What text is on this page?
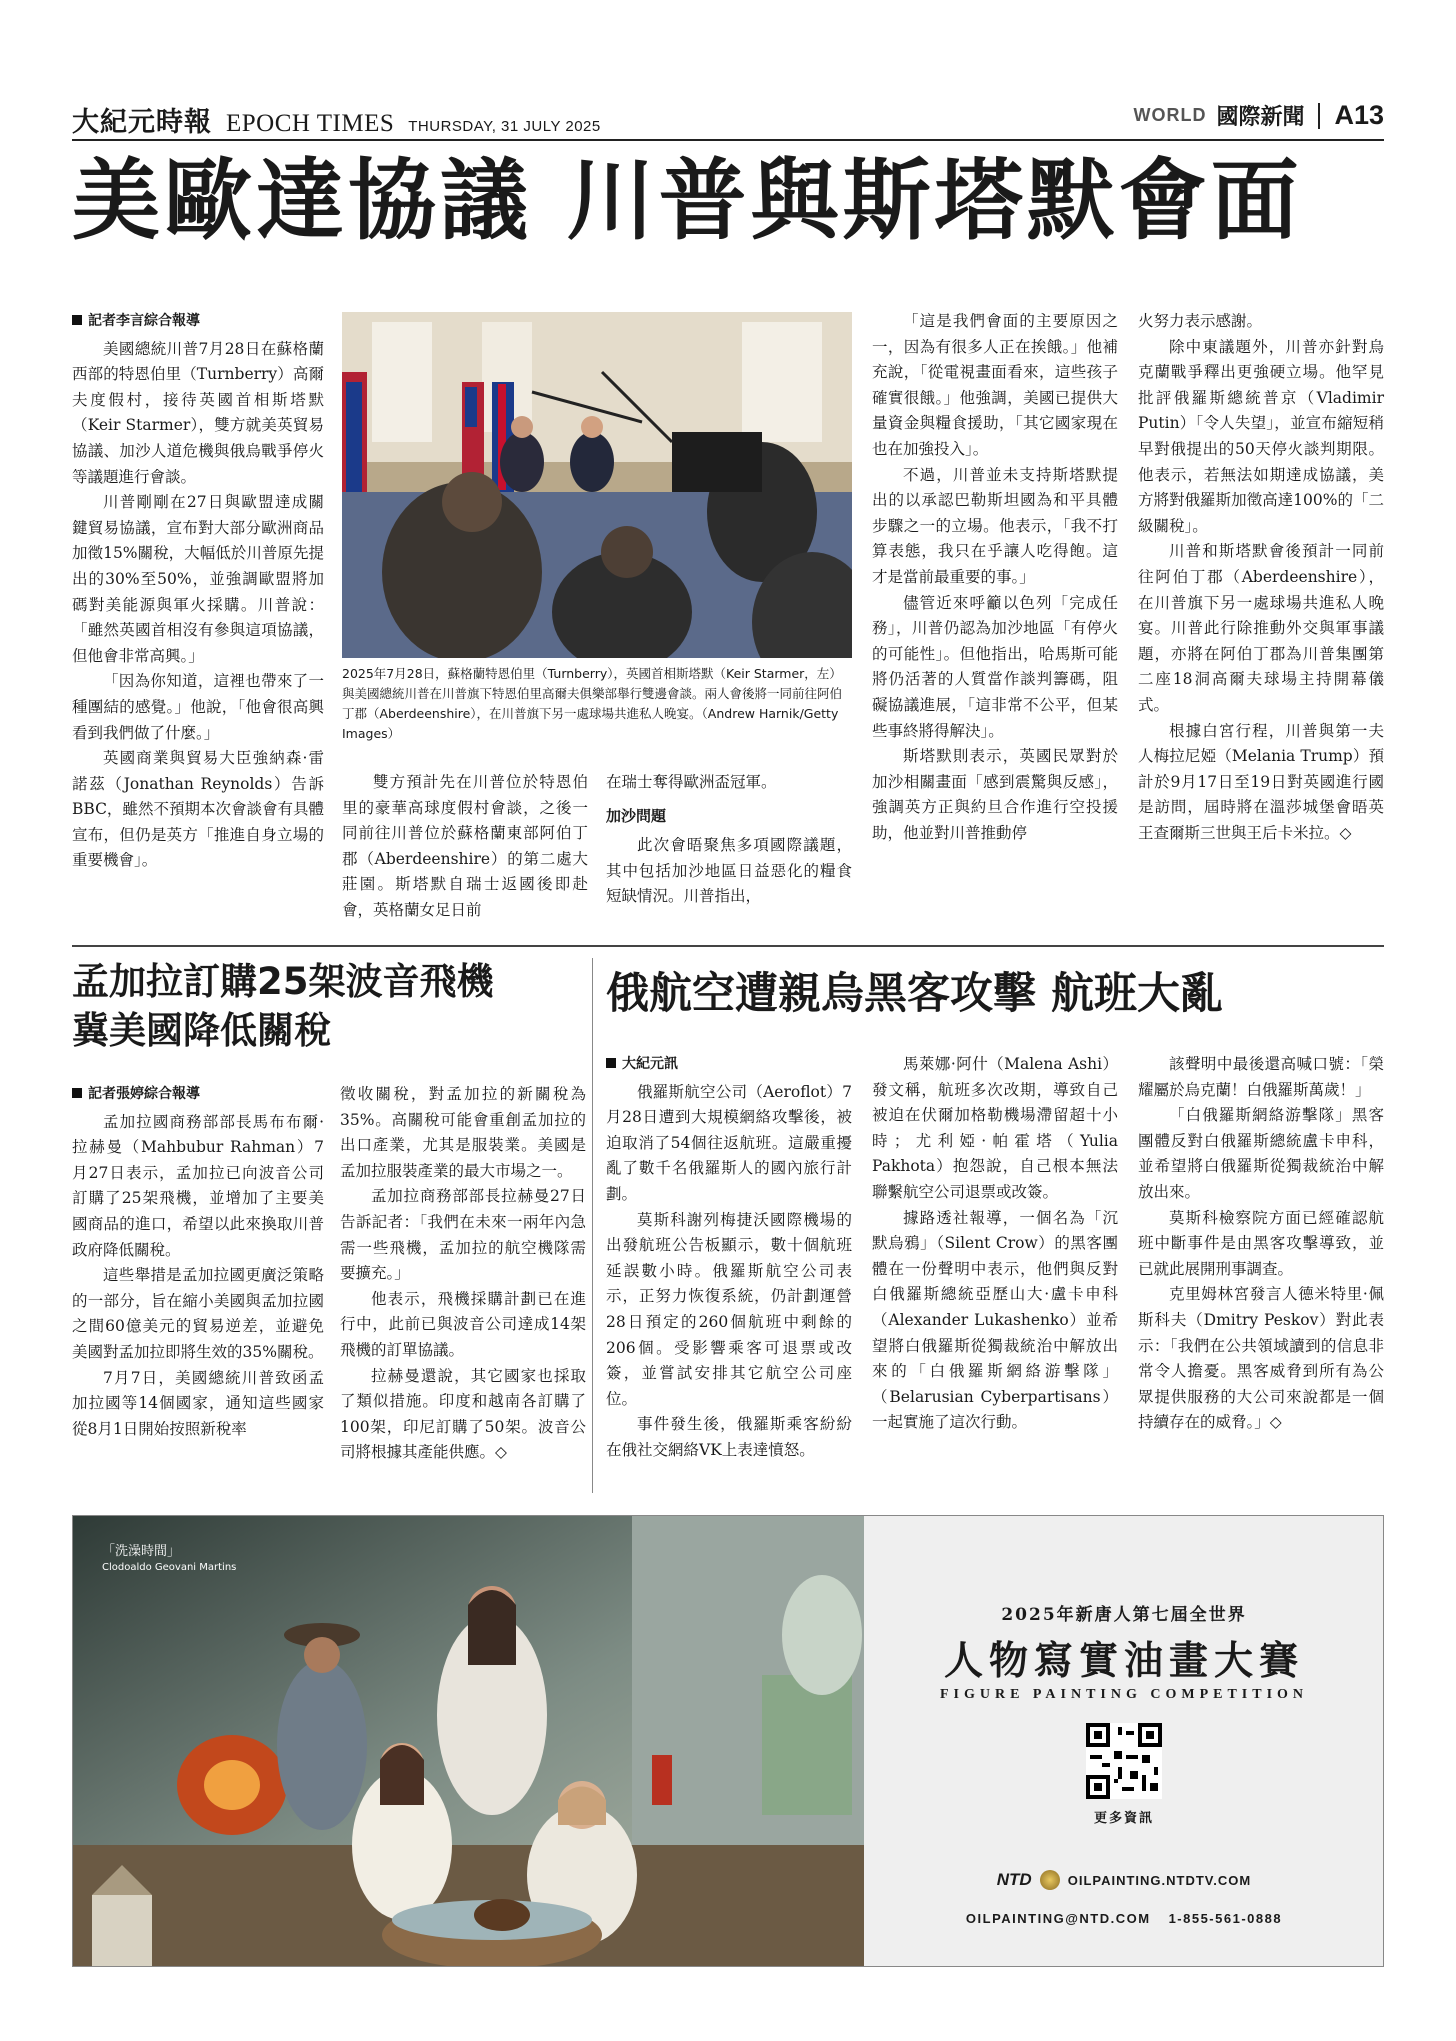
大紀元時報 EPOCH TIMES THURSDAY, 31 JULY 2025
WORLD 國際新聞 A13
美歐達協議 川普與斯塔默會面
記者李言綜合報導

美國總統川普7月28日在蘇格蘭西部的特恩伯里（Turnberry）高爾夫度假村，接待英國首相斯塔默（Keir Starmer），雙方就美英貿易協議、加沙人道危機與俄烏戰爭停火等議題進行會談。

川普剛剛在27日與歐盟達成關鍵貿易協議，宣布對大部分歐洲商品加徵15%關稅，大幅低於川普原先提出的30%至50%，並強調歐盟將加碼對美能源與軍火採購。川普說：「雖然英國首相沒有參與這項協議，但他會非常高興。」

「因為你知道，這裡也帶來了一種團結的感覺。」他說，「他會很高興看到我們做了什麼。」

英國商業與貿易大臣強納森·雷諾茲（Jonathan Reynolds）告訴BBC，雖然不預期本次會談會有具體宣布，但仍是英方「推進自身立場的重要機會」。

2025年7月28日，蘇格蘭特恩伯里（Turnberry），英國首相斯塔默（Keir Starmer，左）與美國總統川普在川普旗下特恩伯里高爾夫俱樂部舉行雙邊會談。兩人會後將一同前往阿伯丁郡（Aberdeenshire），在川普旗下另一處球場共進私人晚宴。（Andrew Harnik/Getty Images）

雙方預計先在川普位於特恩伯里的豪華高球度假村會談，之後一同前往川普位於蘇格蘭東部阿伯丁郡（Aberdeenshire）的第二處大莊園。斯塔默自瑞士返國後即赴會，英格蘭女足日前

在瑞士奪得歐洲盃冠軍。

加沙問題

此次會晤聚焦多項國際議題，其中包括加沙地區日益惡化的糧食短缺情況。川普指出，

「這是我們會面的主要原因之一，因為有很多人正在挨餓。」他補充說，「從電視畫面看來，這些孩子確實很餓。」他強調，美國已提供大量資金與糧食援助，「其它國家現在也在加強投入」。

不過，川普並未支持斯塔默提出的以承認巴勒斯坦國為和平具體步驟之一的立場。他表示，「我不打算表態，我只在乎讓人吃得飽。這才是當前最重要的事。」

儘管近來呼籲以色列「完成任務」，川普仍認為加沙地區「有停火的可能性」。但他指出，哈馬斯可能將仍活著的人質當作談判籌碼，阻礙協議進展，「這非常不公平，但某些事終將得解決」。

斯塔默則表示，英國民眾對於加沙相關畫面「感到震驚與反感」，強調英方正與約旦合作進行空投援助，他並對川普推動停

火努力表示感謝。

除中東議題外，川普亦針對烏克蘭戰爭釋出更強硬立場。他罕見批評俄羅斯總統普京（Vladimir Putin）「令人失望」，並宣布縮短稍早對俄提出的50天停火談判期限。他表示，若無法如期達成協議，美方將對俄羅斯加徵高達100%的「二級關稅」。

川普和斯塔默會後預計一同前往阿伯丁郡（Aberdeenshire），在川普旗下另一處球場共進私人晚宴。川普此行除推動外交與軍事議題，亦將在阿伯丁郡為川普集團第二座18洞高爾夫球場主持開幕儀式。

根據白宮行程，川普與第一夫人梅拉尼婭（Melania Trump）預計於9月17日至19日對英國進行國是訪問，屆時將在溫莎城堡會晤英王查爾斯三世與王后卡米拉。◇

孟加拉訂購25架波音飛機
冀美國降低關稅
記者張婷綜合報導

孟加拉國商務部部長馬布布爾·拉赫曼（Mahbubur Rahman）7月27日表示，孟加拉已向波音公司訂購了25架飛機，並增加了主要美國商品的進口，希望以此來換取川普政府降低關稅。

這些舉措是孟加拉國更廣泛策略的一部分，旨在縮小美國與孟加拉國之間60億美元的貿易逆差，並避免美國對孟加拉即將生效的35%關稅。

7月7日，美國總統川普致函孟加拉國等14個國家，通知這些國家從8月1日開始按照新稅率

徵收關稅，對孟加拉的新關稅為35%。高關稅可能會重創孟加拉的出口產業，尤其是服裝業。美國是孟加拉服裝產業的最大市場之一。

孟加拉商務部部長拉赫曼27日告訴記者：「我們在未來一兩年內急需一些飛機，孟加拉的航空機隊需要擴充。」

他表示，飛機採購計劃已在進行中，此前已與波音公司達成14架飛機的訂單協議。

拉赫曼還說，其它國家也採取了類似措施。印度和越南各訂購了100架，印尼訂購了50架。波音公司將根據其產能供應。◇

俄航空遭親烏黑客攻擊 航班大亂
大紀元訊

俄羅斯航空公司（Aeroflot）7月28日遭到大規模網絡攻擊後，被迫取消了54個往返航班。這嚴重擾亂了數千名俄羅斯人的國內旅行計劃。

莫斯科謝列梅捷沃國際機場的出發航班公告板顯示，數十個航班延誤數小時。俄羅斯航空公司表示，正努力恢復系統，仍計劃運營28日預定的260個航班中剩餘的206個。受影響乘客可退票或改簽，並嘗試安排其它航空公司座位。

事件發生後，俄羅斯乘客紛紛在俄社交網絡VK上表達憤怒。

馬萊娜·阿什（Malena Ashi）發文稱，航班多次改期，導致自己被迫在伏爾加格勒機場滯留超十小時；尤利婭·帕霍塔（Yulia Pakhota）抱怨說，自己根本無法聯繫航空公司退票或改簽。

據路透社報導，一個名為「沉默烏鴉」（Silent Crow）的黑客團體在一份聲明中表示，他們與反對白俄羅斯總統亞歷山大·盧卡申科（Alexander Lukashenko）並希望將白俄羅斯從獨裁統治中解放出來的「白俄羅斯網絡游擊隊」（Belarusian Cyberpartisans）一起實施了這次行動。

該聲明中最後還高喊口號：「榮耀屬於烏克蘭！白俄羅斯萬歲！」

「白俄羅斯網絡游擊隊」黑客團體反對白俄羅斯總統盧卡申科，並希望將白俄羅斯從獨裁統治中解放出來。

莫斯科檢察院方面已經確認航班中斷事件是由黑客攻擊導致，並已就此展開刑事調查。

克里姆林宮發言人德米特里·佩斯科夫（Dmitry Peskov）對此表示：「我們在公共領域讀到的信息非常令人擔憂。黑客威脅到所有為公眾提供服務的大公司來說都是一個持續存在的威脅。」◇

「洗澡時間」
Clodoaldo Geovani Martins
2025年新唐人第七屆全世界
人物寫實油畫大賽
FIGURE PAINTING COMPETITION
更多資訊
NTD	OILPAINTING.NTDTV.COM
OILPAINTING@NTD.COM 1-855-561-0888
